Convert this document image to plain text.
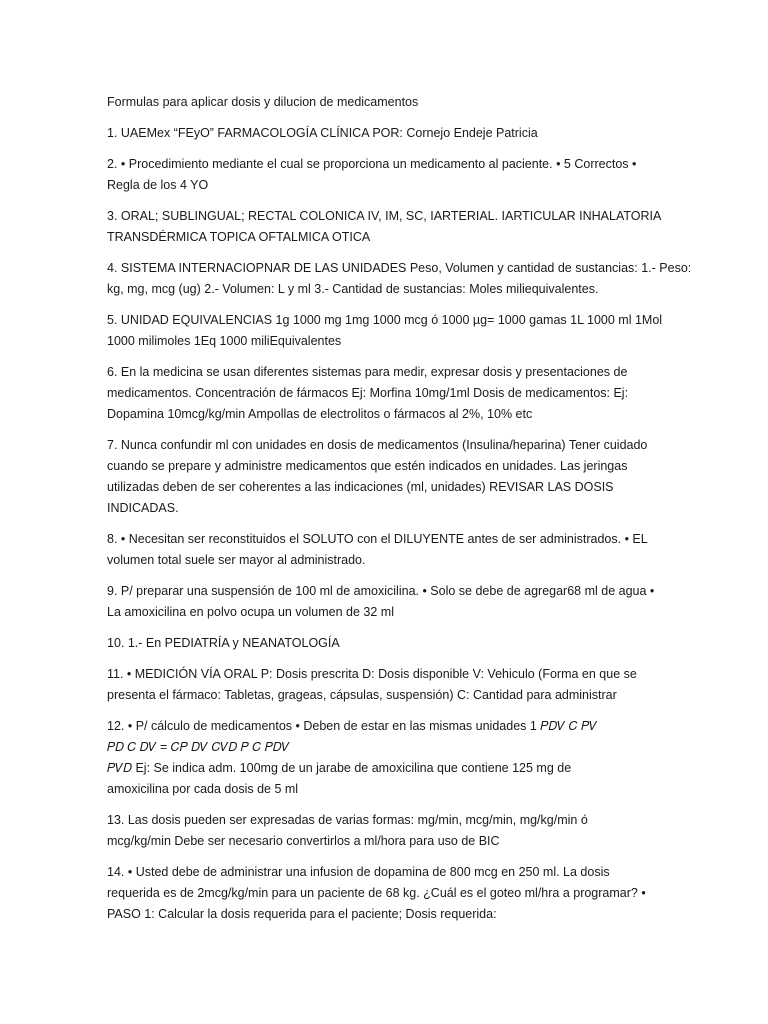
Formulas para aplicar dosis y dilucion de medicamentos
1. UAEMex “FEyO” FARMACOLOGÍA CLÍNICA POR: Cornejo Endeje Patricia
2. • Procedimiento mediante el cual se proporciona un medicamento al paciente. • 5 Correctos •
Regla de los 4 YO
3. ORAL; SUBLINGUAL; RECTAL COLONICA IV, IM, SC, IARTERIAL. IARTICULAR INHALATORIA
TRANSDÉRMICA TOPICA OFTALMICA OTICA
4. SISTEMA INTERNACIOPNAR DE LAS UNIDADES Peso, Volumen y cantidad de sustancias: 1.- Peso:
kg, mg, mcg (ug) 2.- Volumen: L y ml 3.- Cantidad de sustancias: Moles miliequivalentes.
5. UNIDAD EQUIVALENCIAS 1g 1000 mg 1mg 1000 mcg ó 1000 µg= 1000 gamas 1L 1000 ml 1Mol
1000 milimoles 1Eq 1000 miliEquivalentes
6. En la medicina se usan diferentes sistemas para medir, expresar dosis y presentaciones de
medicamentos. Concentración de fármacos Ej: Morfina 10mg/1ml Dosis de medicamentos: Ej:
Dopamina 10mcg/kg/min Ampollas de electrolitos o fármacos al 2%, 10% etc
7. Nunca confundir ml con unidades en dosis de medicamentos (Insulina/heparina) Tener cuidado
cuando se prepare y administre medicamentos que estén indicados en unidades. Las jeringas
utilizadas deben de ser coherentes a las indicaciones (ml, unidades) REVISAR LAS DOSIS
INDICADAS.
8. • Necesitan ser reconstituidos el SOLUTO con el DILUYENTE antes de ser administrados. • EL
volumen total suele ser mayor al administrado.
9. P/ preparar una suspensión de 100 ml de amoxicilina. • Solo se debe de agregar68 ml de agua •
La amoxicilina en polvo ocupa un volumen de 32 ml
10. 1.- En PEDIATRÍA y NEANATOLOGÍA
11. • MEDICIÓN VÍA ORAL P: Dosis prescrita D: Dosis disponible V: Vehiculo (Forma en que se
presenta el fármaco: Tabletas, grageas, cápsulas, suspensión) C: Cantidad para administrar
12. • P/ cálculo de medicamentos • Deben de estar en las mismas unidades 1 𝑃𝐷𝑉 𝐶 𝑃𝑉
𝑃𝐷 𝐶 𝐷𝑉 = 𝐶𝑃 𝐷𝑉 𝐶𝑉𝐷 𝑃 𝐶 𝑃𝐷𝑉
𝑃𝑉𝐷 Ej: Se indica adm. 100mg de un jarabe de amoxicilina que contiene 125 mg de
amoxicilina por cada dosis de 5 ml
13. Las dosis pueden ser expresadas de varias formas: mg/min, mcg/min, mg/kg/min ó
mcg/kg/min Debe ser necesario convertirlos a ml/hora para uso de BIC
14. • Usted debe de administrar una infusion de dopamina de 800 mcg en 250 ml. La dosis
requerida es de 2mcg/kg/min para un paciente de 68 kg. ¿Cuál es el goteo ml/hra a programar? •
PASO 1: Calcular la dosis requerida para el paciente; Dosis requerida:
